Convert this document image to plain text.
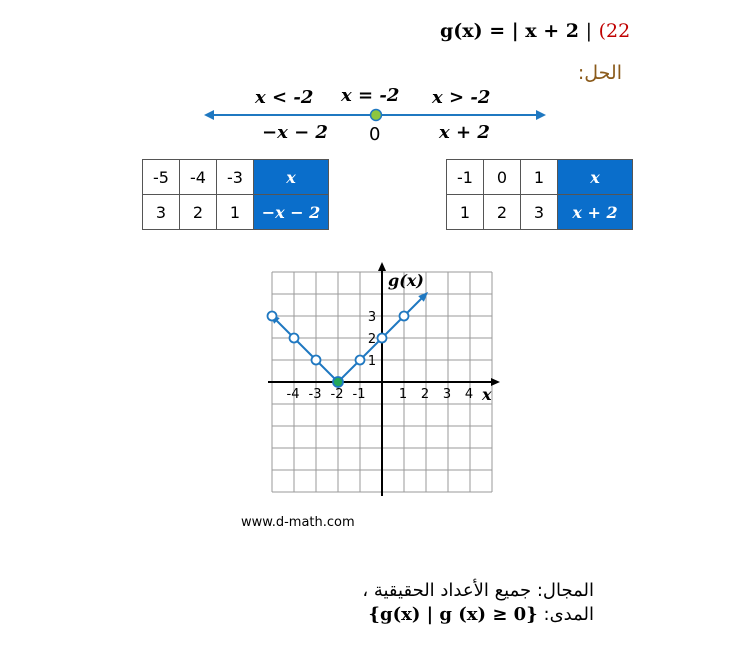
g(x) = | x + 2 | (22
الحل:
x < -2 x = -2 x > -2
−x − 2 0	x + 2
-5	-4	-3	x
3	2	1	−x − 2
-1	0	1	x
1	2	3	x + 2
-4 -3 -2 -1	1 2 3 4
1
2
3
g(x)
x
www.d-math.com
المجال: جميع الأعداد الحقيقية ،
{g(x) | g (x) ≥ 0} المدى:
